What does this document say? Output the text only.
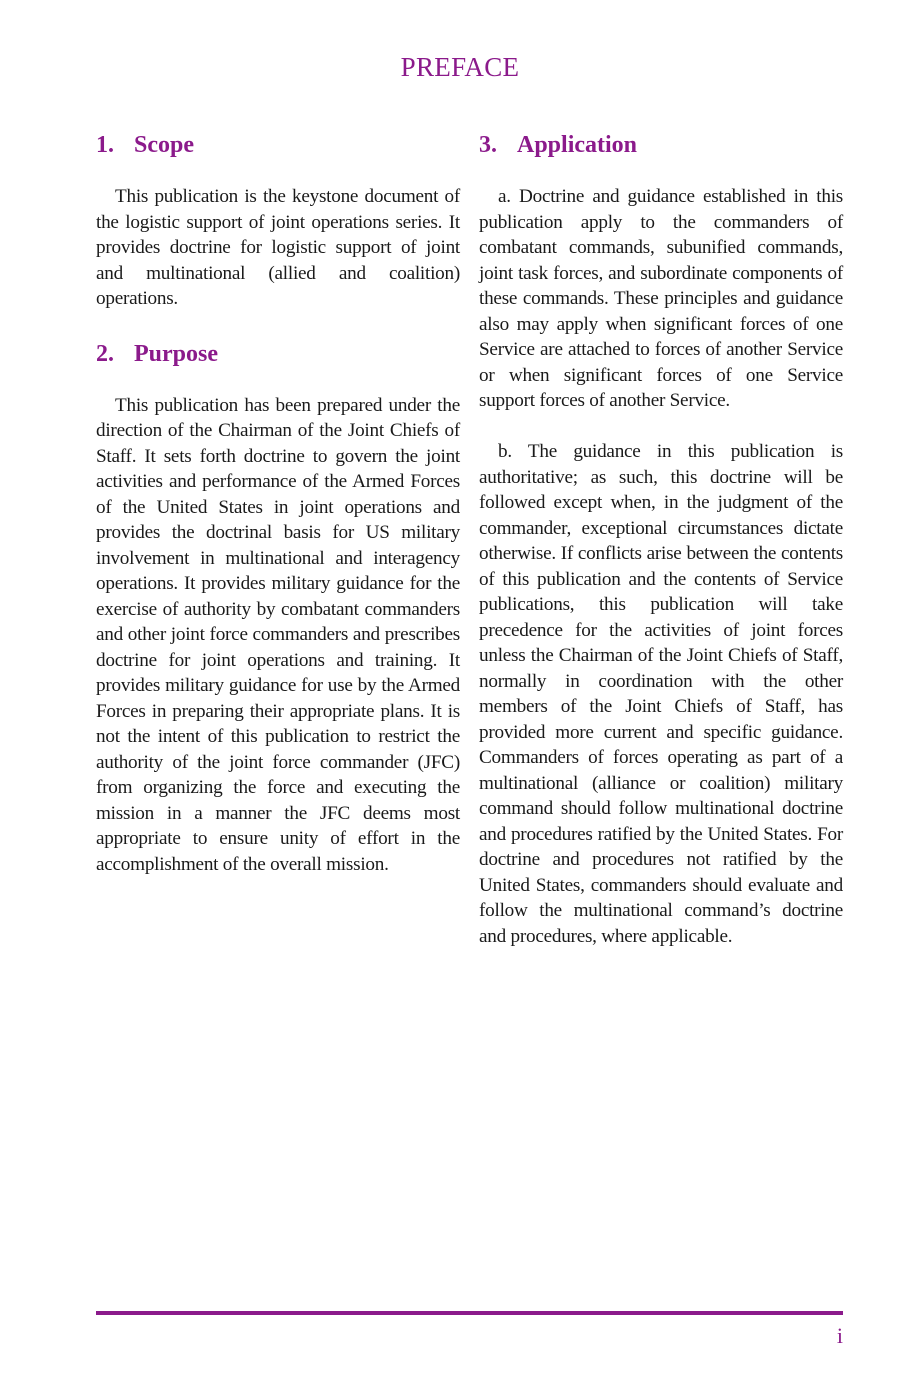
PREFACE
1. Scope

This publication is the keystone document of the logistic support of joint operations series. It provides doctrine for logistic support of joint and multinational (allied and coalition) operations.

2. Purpose

This publication has been prepared under the direction of the Chairman of the Joint Chiefs of Staff. It sets forth doctrine to govern the joint activities and performance of the Armed Forces of the United States in joint operations and provides the doctrinal basis for US military involvement in multinational and interagency operations. It provides military guidance for the exercise of authority by combatant commanders and other joint force commanders and prescribes doctrine for joint operations and training. It provides military guidance for use by the Armed Forces in preparing their appropriate plans. It is not the intent of this publication to restrict the authority of the joint force commander (JFC) from organizing the force and executing the mission in a manner the JFC deems most appropriate to ensure unity of effort in the accomplishment of the overall mission.

3. Application

a. Doctrine and guidance established in this publication apply to the commanders of combatant commands, subunified commands, joint task forces, and subordinate components of these commands. These principles and guidance also may apply when significant forces of one Service are attached to forces of another Service or when significant forces of one Service support forces of another Service.

b. The guidance in this publication is authoritative; as such, this doctrine will be followed except when, in the judgment of the commander, exceptional circumstances dictate otherwise. If conflicts arise between the contents of this publication and the contents of Service publications, this publication will take precedence for the activities of joint forces unless the Chairman of the Joint Chiefs of Staff, normally in coordination with the other members of the Joint Chiefs of Staff, has provided more current and specific guidance. Commanders of forces operating as part of a multinational (alliance or coalition) military command should follow multinational doctrine and procedures ratified by the United States. For doctrine and procedures not ratified by the United States, commanders should evaluate and follow the multinational command’s doctrine and procedures, where applicable.

i
